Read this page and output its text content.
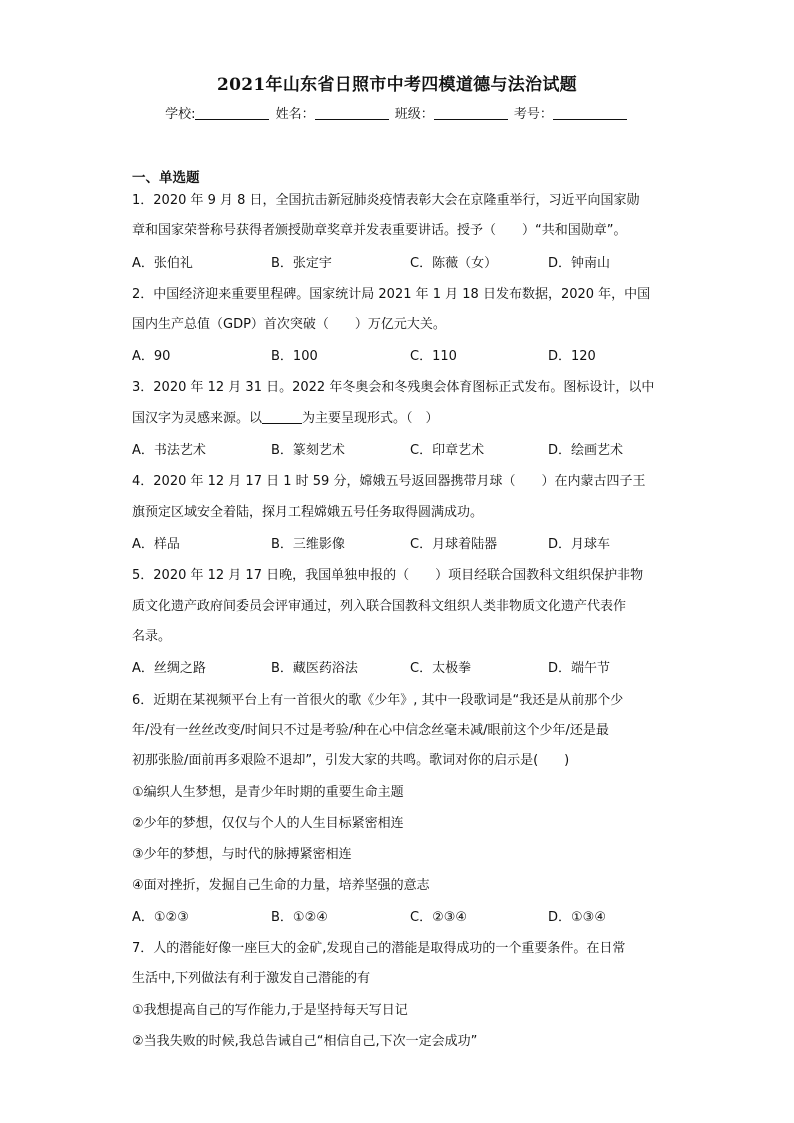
2021年山东省日照市中考四模道德与法治试题
学校:	姓名：	班级：	考号：
一、单选题
1．2020 年 9 月 8 日，全国抗击新冠肺炎疫情表彰大会在京隆重举行，习近平向国家勋
章和国家荣誉称号获得者颁授勋章奖章并发表重要讲话。授予（　　）“共和国勋章”。
A．张伯礼	B．张定宇	C．陈薇（女）	D．钟南山
2．中国经济迎来重要里程碑。国家统计局 2021 年 1 月 18 日发布数据，2020 年，中国
国内生产总值（GDP）首次突破（　　）万亿元大关。
A．90	B．100	C．110	D．120
3．2020 年 12 月 31 日。2022 年冬奥会和冬残奥会体育图标正式发布。图标设计，以中
国汉字为灵感来源。以	为主要呈现形式。（　）
A．书法艺术	B．篆刻艺术	C．印章艺术	D．绘画艺术
4．2020 年 12 月 17 日 1 时 59 分，嫦娥五号返回器携带月球（　　）在内蒙古四子王
旗预定区域安全着陆，探月工程嫦娥五号任务取得圆满成功。
A．样品	B．三维影像	C．月球着陆器	D．月球车
5．2020 年 12 月 17 日晚，我国单独申报的（　　）项目经联合国教科文组织保护非物
质文化遗产政府间委员会评审通过，列入联合国教科文组织人类非物质文化遗产代表作
名录。
A．丝绸之路	B．藏医药浴法	C．太极拳	D．端午节
6．近期在某视频平台上有一首很火的歌《少年》, 其中一段歌词是“我还是从前那个少
年/没有一丝丝改变/时间只不过是考验/种在心中信念丝毫未减/眼前这个少年/还是最
初那张脸/面前再多艰险不退却”，引发大家的共鸣。歌词对你的启示是(　　)
①编织人生梦想，是青少年时期的重要生命主题
②少年的梦想，仅仅与个人的人生目标紧密相连
③少年的梦想，与时代的脉搏紧密相连
④面对挫折，发掘自己生命的力量，培养坚强的意志
A．①②③	B．①②④	C．②③④	D．①③④
7．人的潜能好像一座巨大的金矿,发现自己的潜能是取得成功的一个重要条件。在日常
生活中,下列做法有利于激发自己潜能的有
①我想提高自己的写作能力,于是坚持每天写日记
②当我失败的时候,我总告诫自己“相信自己,下次一定会成功”
